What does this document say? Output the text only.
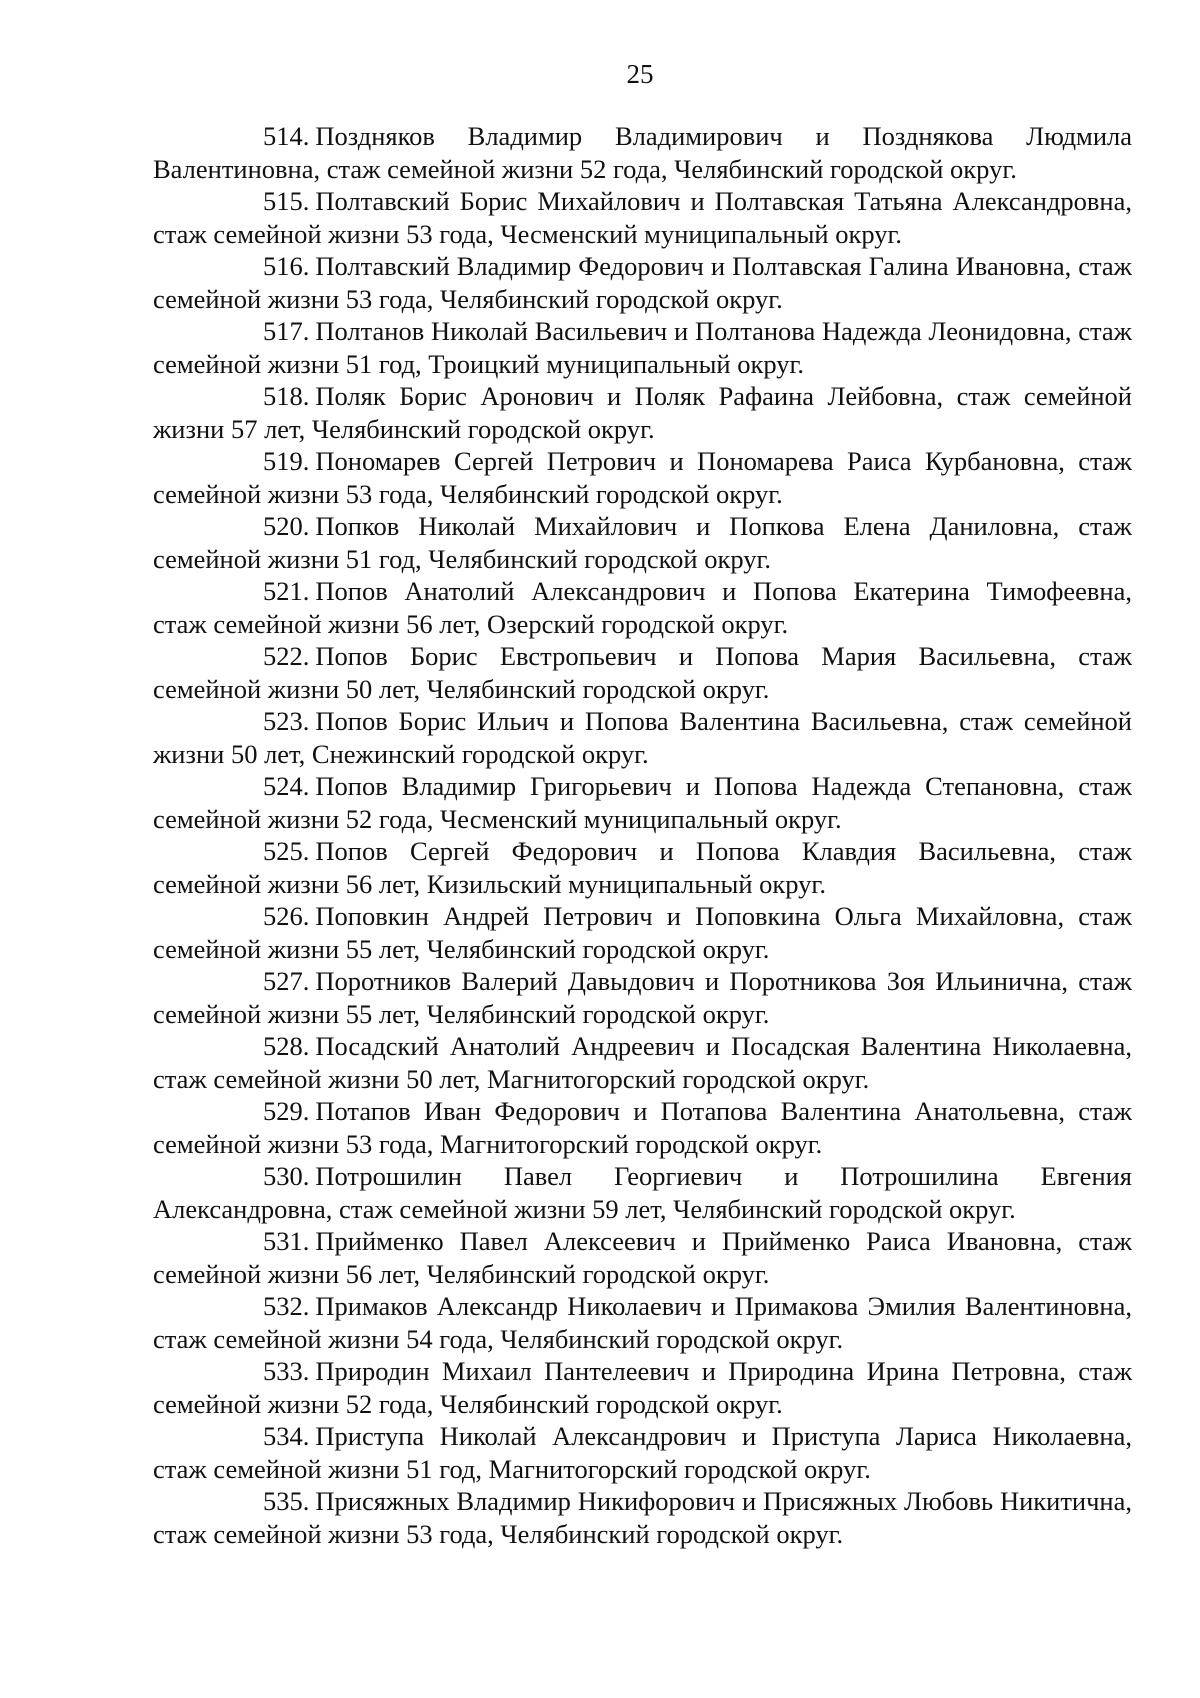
25

514. Поздняков Владимир Владимирович и Позднякова Людмила Валентиновна, стаж семейной жизни 52 года, Челябинский городской округ.

515. Полтавский Борис Михайлович и Полтавская Татьяна Александровна, стаж семейной жизни 53 года, Чесменский муниципальный округ.

516. Полтавский Владимир Федорович и Полтавская Галина Ивановна, стаж семейной жизни 53 года, Челябинский городской округ.

517. Полтанов Николай Васильевич и Полтанова Надежда Леонидовна, стаж семейной жизни 51 год, Троицкий муниципальный округ.

518. Поляк Борис Аронович и Поляк Рафаина Лейбовна, стаж семейной жизни 57 лет, Челябинский городской округ.

519. Пономарев Сергей Петрович и Пономарева Раиса Курбановна, стаж семейной жизни 53 года, Челябинский городской округ.

520. Попков Николай Михайлович и Попкова Елена Даниловна, стаж семейной жизни 51 год, Челябинский городской округ.

521. Попов Анатолий Александрович и Попова Екатерина Тимофеевна, стаж семейной жизни 56 лет, Озерский городской округ.

522. Попов Борис Евстропьевич и Попова Мария Васильевна, стаж семейной жизни 50 лет, Челябинский городской округ.

523. Попов Борис Ильич и Попова Валентина Васильевна, стаж семейной жизни 50 лет, Снежинский городской округ.

524. Попов Владимир Григорьевич и Попова Надежда Степановна, стаж семейной жизни 52 года, Чесменский муниципальный округ.

525. Попов Сергей Федорович и Попова Клавдия Васильевна, стаж семейной жизни 56 лет, Кизильский муниципальный округ.

526. Поповкин Андрей Петрович и Поповкина Ольга Михайловна, стаж семейной жизни 55 лет, Челябинский городской округ.

527. Поротников Валерий Давыдович и Поротникова Зоя Ильинична, стаж семейной жизни 55 лет, Челябинский городской округ.

528. Посадский Анатолий Андреевич и Посадская Валентина Николаевна, стаж семейной жизни 50 лет, Магнитогорский городской округ.

529. Потапов Иван Федорович и Потапова Валентина Анатольевна, стаж семейной жизни 53 года, Магнитогорский городской округ.

530. Потрошилин Павел Георгиевич и Потрошилина Евгения Александровна, стаж семейной жизни 59 лет, Челябинский городской округ.

531. Прийменко Павел Алексеевич и Прийменко Раиса Ивановна, стаж семейной жизни 56 лет, Челябинский городской округ.

532. Примаков Александр Николаевич и Примакова Эмилия Валентиновна, стаж семейной жизни 54 года, Челябинский городской округ.

533. Природин Михаил Пантелеевич и Природина Ирина Петровна, стаж семейной жизни 52 года, Челябинский городской округ.

534. Приступа Николай Александрович и Приступа Лариса Николаевна, стаж семейной жизни 51 год, Магнитогорский городской округ.

535. Присяжных Владимир Никифорович и Присяжных Любовь Никитична, стаж семейной жизни 53 года, Челябинский городской округ.
